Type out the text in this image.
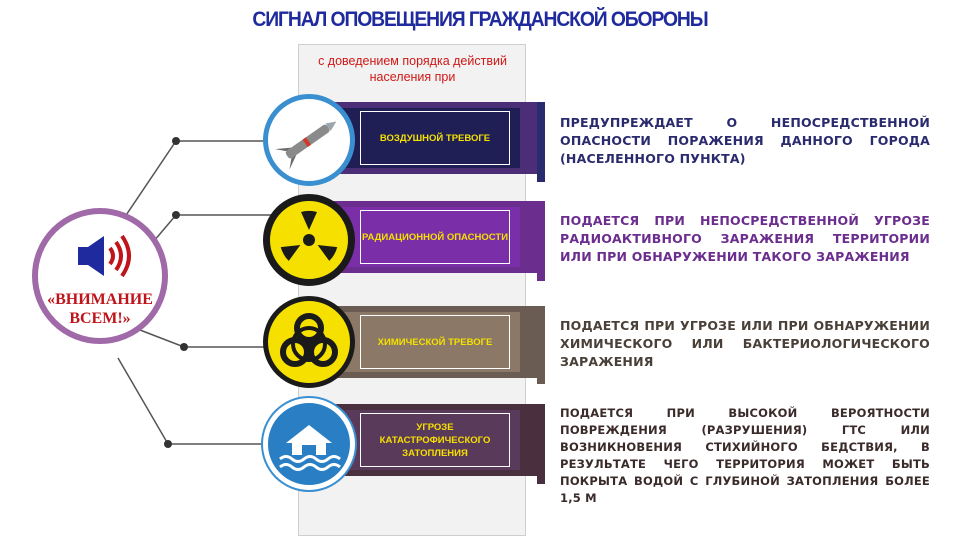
СИГНАЛ ОПОВЕЩЕНИЯ ГРАЖДАНСКОЙ ОБОРОНЫ
с доведением порядка действий населения при
«ВНИМАНИЕ ВСЕМ!»
ВОЗДУШНОЙ ТРЕВОГЕ
РАДИАЦИОННОЙ ОПАСНОСТИ
ХИМИЧЕСКОЙ ТРЕВОГЕ
УГРОЗЕ КАТАСТРОФИЧЕСКОГО ЗАТОПЛЕНИЯ
ПРЕДУПРЕЖДАЕТ О НЕПОСРЕДСТВЕННОЙ ОПАСНОСТИ ПОРАЖЕНИЯ ДАННОГО ГОРОДА (НАСЕЛЕННОГО ПУНКТА)
ПОДАЕТСЯ ПРИ НЕПОСРЕДСТВЕННОЙ УГРОЗЕ РАДИОАКТИВНОГО ЗАРАЖЕНИЯ ТЕРРИТОРИИ ИЛИ ПРИ ОБНАРУЖЕНИИ ТАКОГО ЗАРАЖЕНИЯ
ПОДАЕТСЯ ПРИ УГРОЗЕ ИЛИ ПРИ ОБНАРУЖЕНИИ ХИМИЧЕСКОГО ИЛИ БАКТЕРИОЛОГИЧЕСКОГО ЗАРАЖЕНИЯ
ПОДАЕТСЯ ПРИ ВЫСОКОЙ ВЕРОЯТНОСТИ ПОВРЕЖДЕНИЯ (РАЗРУШЕНИЯ) ГТС ИЛИ ВОЗНИКНОВЕНИЯ СТИХИЙНОГО БЕДСТВИЯ, В РЕЗУЛЬТАТЕ ЧЕГО ТЕРРИТОРИЯ МОЖЕТ БЫТЬ ПОКРЫТА ВОДОЙ С ГЛУБИНОЙ ЗАТОПЛЕНИЯ БОЛЕЕ 1,5 М
